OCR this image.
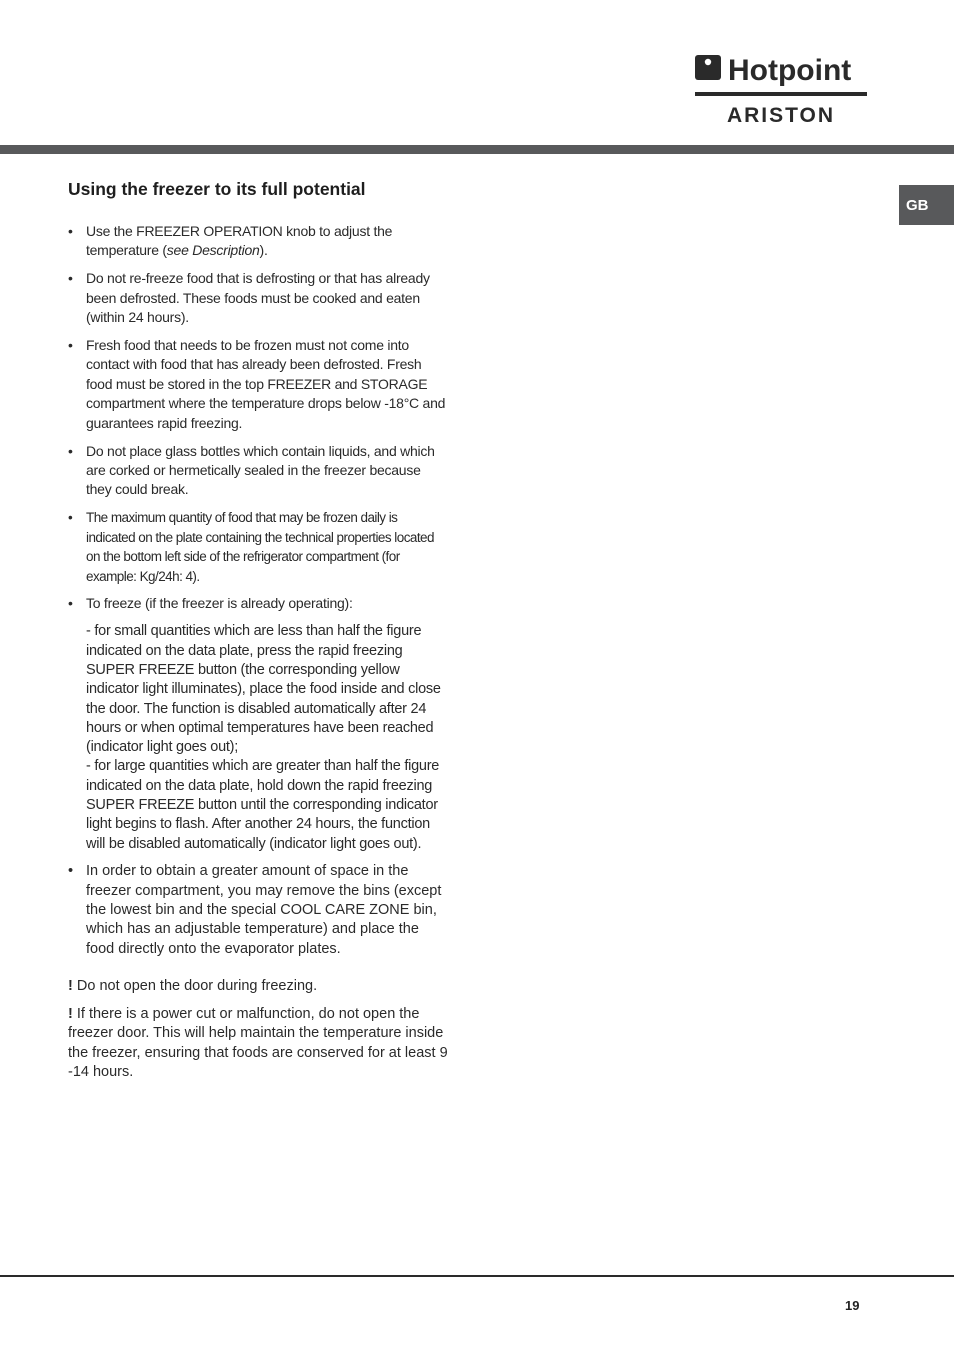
Hotpoint
ARISTON
GB
Using the freezer to its full potential
• Use the FREEZER OPERATION knob to adjust the temperature (see Description).
• Do not re-freeze food that is defrosting or that has already been defrosted. These foods must be cooked and eaten (within 24 hours).
• Fresh food that needs to be frozen must not come into contact with food that has already been defrosted. Fresh food must be stored in the top FREEZER and STORAGE compartment where the temperature drops below -18°C and guarantees rapid freezing.
• Do not place glass bottles which contain liquids, and which are corked or hermetically sealed in the freezer because they could break.
• The maximum quantity of food that may be frozen daily is indicated on the plate containing the technical properties located on the bottom left side of the refrigerator compartment (for example: Kg/24h: 4).
• To freeze (if the freezer is already operating):
- for small quantities which are less than half the figure indicated on the data plate, press the rapid freezing SUPER FREEZE button (the corresponding yellow indicator light illuminates), place the food inside and close the door. The function is disabled automatically after 24 hours or when optimal temperatures have been reached (indicator light goes out);
- for large quantities which are greater than half the figure indicated on the data plate, hold down the rapid freezing SUPER FREEZE button until the corresponding indicator light begins to flash. After another 24 hours, the function will be disabled automatically (indicator light goes out).
• In order to obtain a greater amount of space in the freezer compartment, you may remove the bins (except the lowest bin and the special COOL CARE ZONE bin, which has an adjustable temperature) and place the food directly onto the evaporator plates.

! Do not open the door during freezing.

! If there is a power cut or malfunction, do not open the freezer door. This will help maintain the temperature inside the freezer, ensuring that foods are conserved for at least 9 -14 hours.

19
